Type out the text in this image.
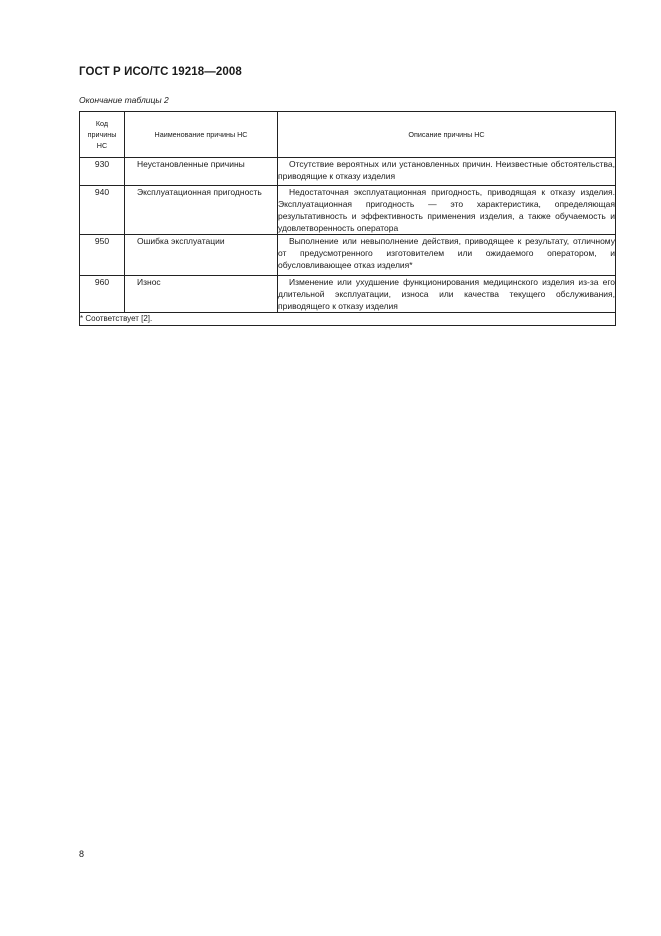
ГОСТ Р ИСО/ТС 19218—2008
Окончание таблицы 2
Код причины НС	Наименование причины НС	Описание причины НС
930	Неустановленные причины	Отсутствие вероятных или установленных причин. Неизвестные обстоятельства, приводящие к отказу изделия

940	Эксплуатационная пригодность	Недостаточная эксплуатационная пригодность, приводящая к отказу изделия. Эксплуатационная пригодность — это характеристика, определяющая результативность и эффективность применения изделия, а также обучаемость и удовлетворенность оператора

950	Ошибка эксплуатации	Выполнение или невыполнение действия, приводящее к результату, отличному от предусмотренного изготовителем или ожидаемого оператором, и обусловливающее отказ изделия*

960	Износ	Изменение или ухудшение функционирования медицинского изделия из-за его длительной эксплуатации, износа или качества текущего обслуживания, приводящего к отказу изделия

* Соответствует [2].		
8
